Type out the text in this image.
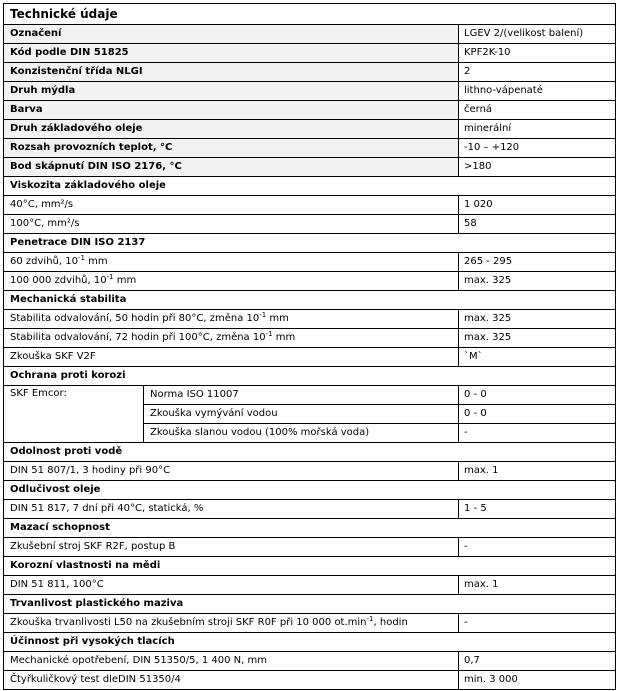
Technické údaje		
Označení		LGEV 2/(velikost balení)
Kód podle DIN 51825		KPF2K-10
Konzistenční třída NLGI		2
Druh mýdla		lithno-vápenaté
Barva		černá
Druh základového oleje		minerální
Rozsah provozních teplot, °C		-10 – +120
Bod skápnutí DIN ISO 2176, °C		>180
Viskozita základového oleje		
40°C, mm²/s		1 020
100°C, mm²/s		58
Penetrace DIN ISO 2137		
60 zdvihů, $10^{-1}$ mm		265 - 295
100 000 zdvihů, $10^{-1}$ mm		max. 325
Mechanická stabilita		
Stabilita odvalování, 50 hodin při 80°C, změna $10^{-1}$ mm		max. 325
Stabilita odvalování, 72 hodin při 100°C, změna $10^{-1}$ mm		max. 325
Zkouška SKF V2F		`M`
Ochrana proti korozi		
SKF Emcor:	Norma ISO 11007	0 - 0
	Zkouška vymývání vodou	0 - 0
	Zkouška slanou vodou (100% mořská voda)	-
Odolnost proti vodě		
DIN 51 807/1, 3 hodiny při 90°C		max. 1
Odlučivost oleje		
DIN 51 817, 7 dní při 40°C, statická, %		1 - 5
Mazací schopnost		
Zkušební stroj SKF R2F, postup B		-
Korozní vlastnosti na mědi		
DIN 51 811, 100°C		max. 1
Trvanlivost plastického maziva		
Zkouška trvanlivosti L50 na zkušebním stroji SKF R0F při 10 000 $ot.\min^{-1}$, hodin		-
Účinnost při vysokých tlacích		
Mechanické opotřebení, DIN 51350/5, 1 400 N, mm		0,7
Čtyřkuličkový test dleDIN 51350/4		min. 3 000
